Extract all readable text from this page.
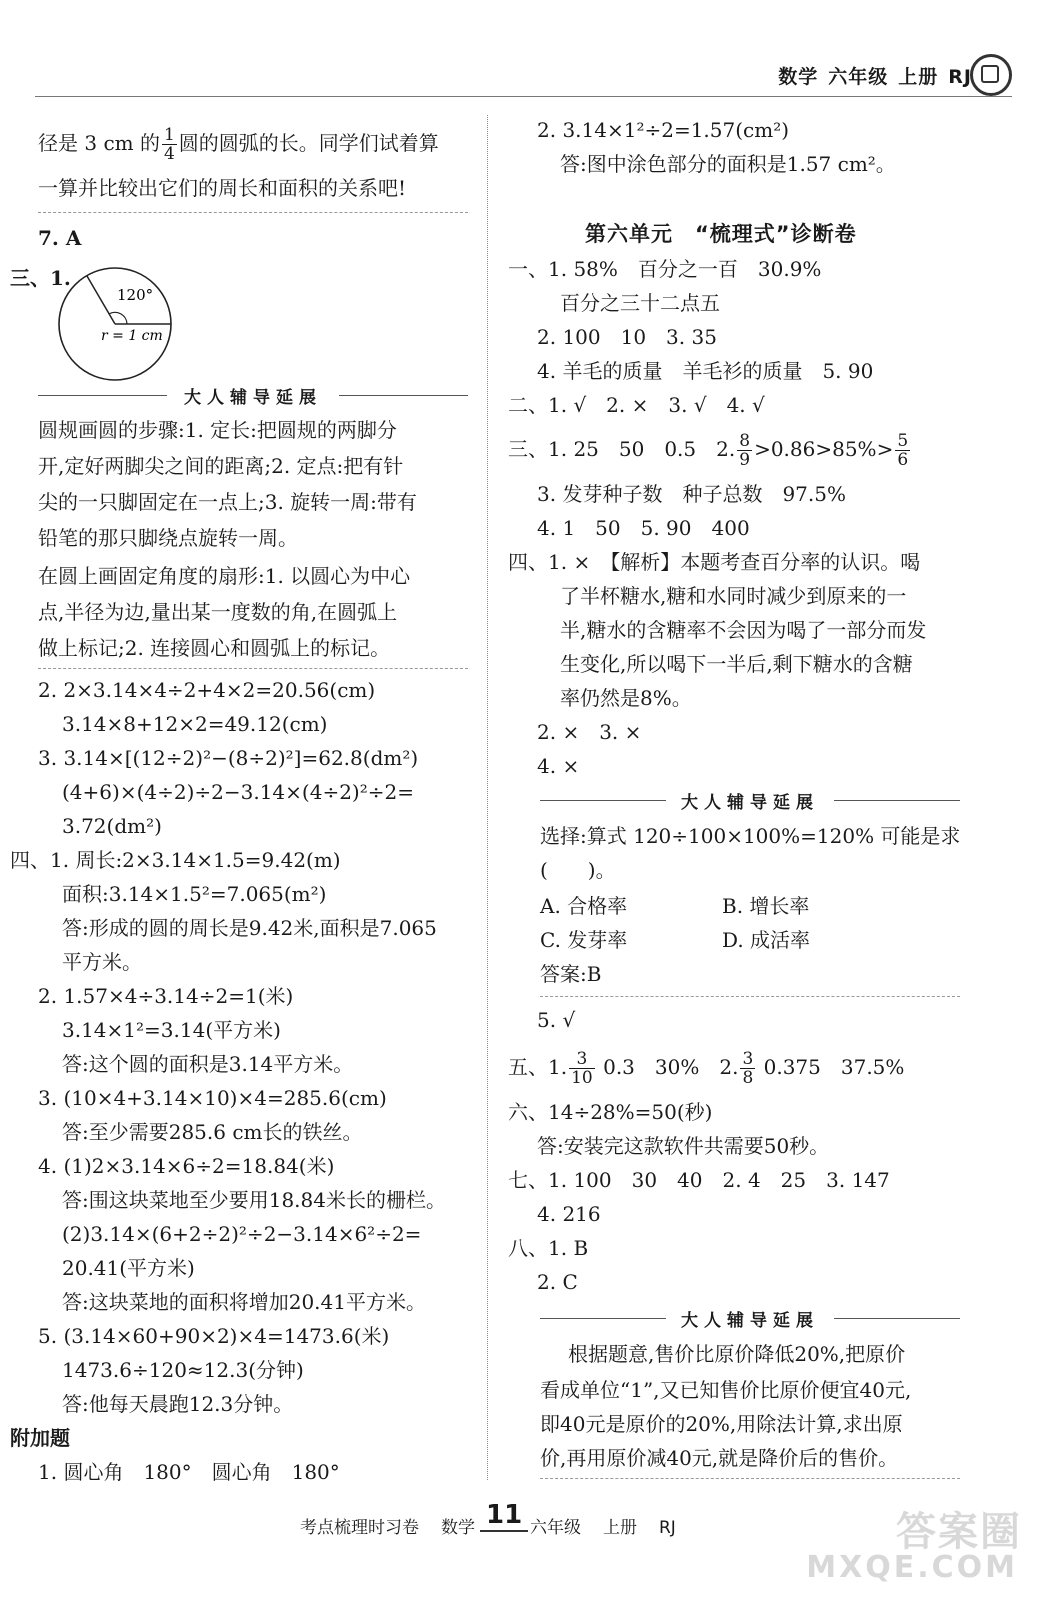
数学 六年级 上册 RJ
径是 3 cm 的 $\frac{1}{4}$ 圆的圆弧的长。同学们试着算
一算并比较出它们的周长和面积的关系吧!
7. A
三、1.
120°
r = 1 cm
大人辅导延展
圆规画圆的步骤:1. 定长:把圆规的两脚分
开,定好两脚尖之间的距离;2. 定点:把有针
尖的一只脚固定在一点上;3. 旋转一周:带有
铅笔的那只脚绕点旋转一周。
在圆上画固定角度的扇形:1. 以圆心为中心
点,半径为边,量出某一度数的角,在圆弧上
做上标记;2. 连接圆心和圆弧上的标记。
2. 2×3.14×4÷2+4×2=20.56(cm)
3.14×8+12×2=49.12(cm)
3. 3.14×[(12÷2)²−(8÷2)²]=62.8(dm²)
(4+6)×(4÷2)÷2−3.14×(4÷2)²÷2=
3.72(dm²)
四、1. 周长:2×3.14×1.5=9.42(m)
面积:3.14×1.5²=7.065(m²)
答:形成的圆的周长是9.42米,面积是7.065
平方米。
2. 1.57×4÷3.14÷2=1(米)
3.14×1²=3.14(平方米)
答:这个圆的面积是3.14平方米。
3. (10×4+3.14×10)×4=285.6(cm)
答:至少需要285.6 cm长的铁丝。
4. (1)2×3.14×6÷2=18.84(米)
答:围这块菜地至少要用18.84米长的栅栏。
(2)3.14×(6+2÷2)²÷2−3.14×6²÷2=
20.41(平方米)
答:这块菜地的面积将增加20.41平方米。
5. (3.14×60+90×2)×4=1473.6(米)
1473.6÷120≈12.3(分钟)
答:他每天晨跑12.3分钟。
附加题
1. 圆心角　180°　圆心角　180°
2. 3.14×1²÷2=1.57(cm²)
答:图中涂色部分的面积是1.57 cm²。
第六单元　“梳理式”诊断卷
一、1. 58%　百分之一百　30.9%
百分之三十二点五
2. 100　10　3. 35
4. 羊毛的质量　羊毛衫的质量　5. 90
二、1. √　2. ×　3. √　4. √
三、1. 25　50　0.5　2. $\frac{8}{9} >0.86>85\%> \frac{5}{6}$
3. 发芽种子数　种子总数　97.5%
4. 1　50　5. 90　400
四、1. ×　【解析】本题考查百分率的认识。喝
了半杯糖水,糖和水同时减少到原来的一
半,糖水的含糖率不会因为喝了一部分而发
生变化,所以喝下一半后,剩下糖水的含糖
率仍然是8%。
2. ×　3. ×
4. ×
大人辅导延展
选择:算式 120÷100×100%=120% 可能是求
(　　)。
A. 合格率	B. 增长率
C. 发芽率	D. 成活率
答案:B
5. √
五、1. $\frac{3}{10} 0.3$　30%　2. $\frac{3}{8} 0.375$　37.5%
六、14÷28%=50(秒)
答:安装完这款软件共需要50秒。
七、1. 100　30　40　2. 4　25　3. 147
4. 216
八、1. B
2. C
大人辅导延展
根据题意,售价比原价降低20%,把原价
看成单位“1”,又已知售价比原价便宜40元,
即40元是原价的20%,用除法计算,求出原
价,再用原价减40元,就是降价后的售价。
考点梳理时习卷 数学 11 六年级 上册 RJ	答案圈
MXQE.COM
